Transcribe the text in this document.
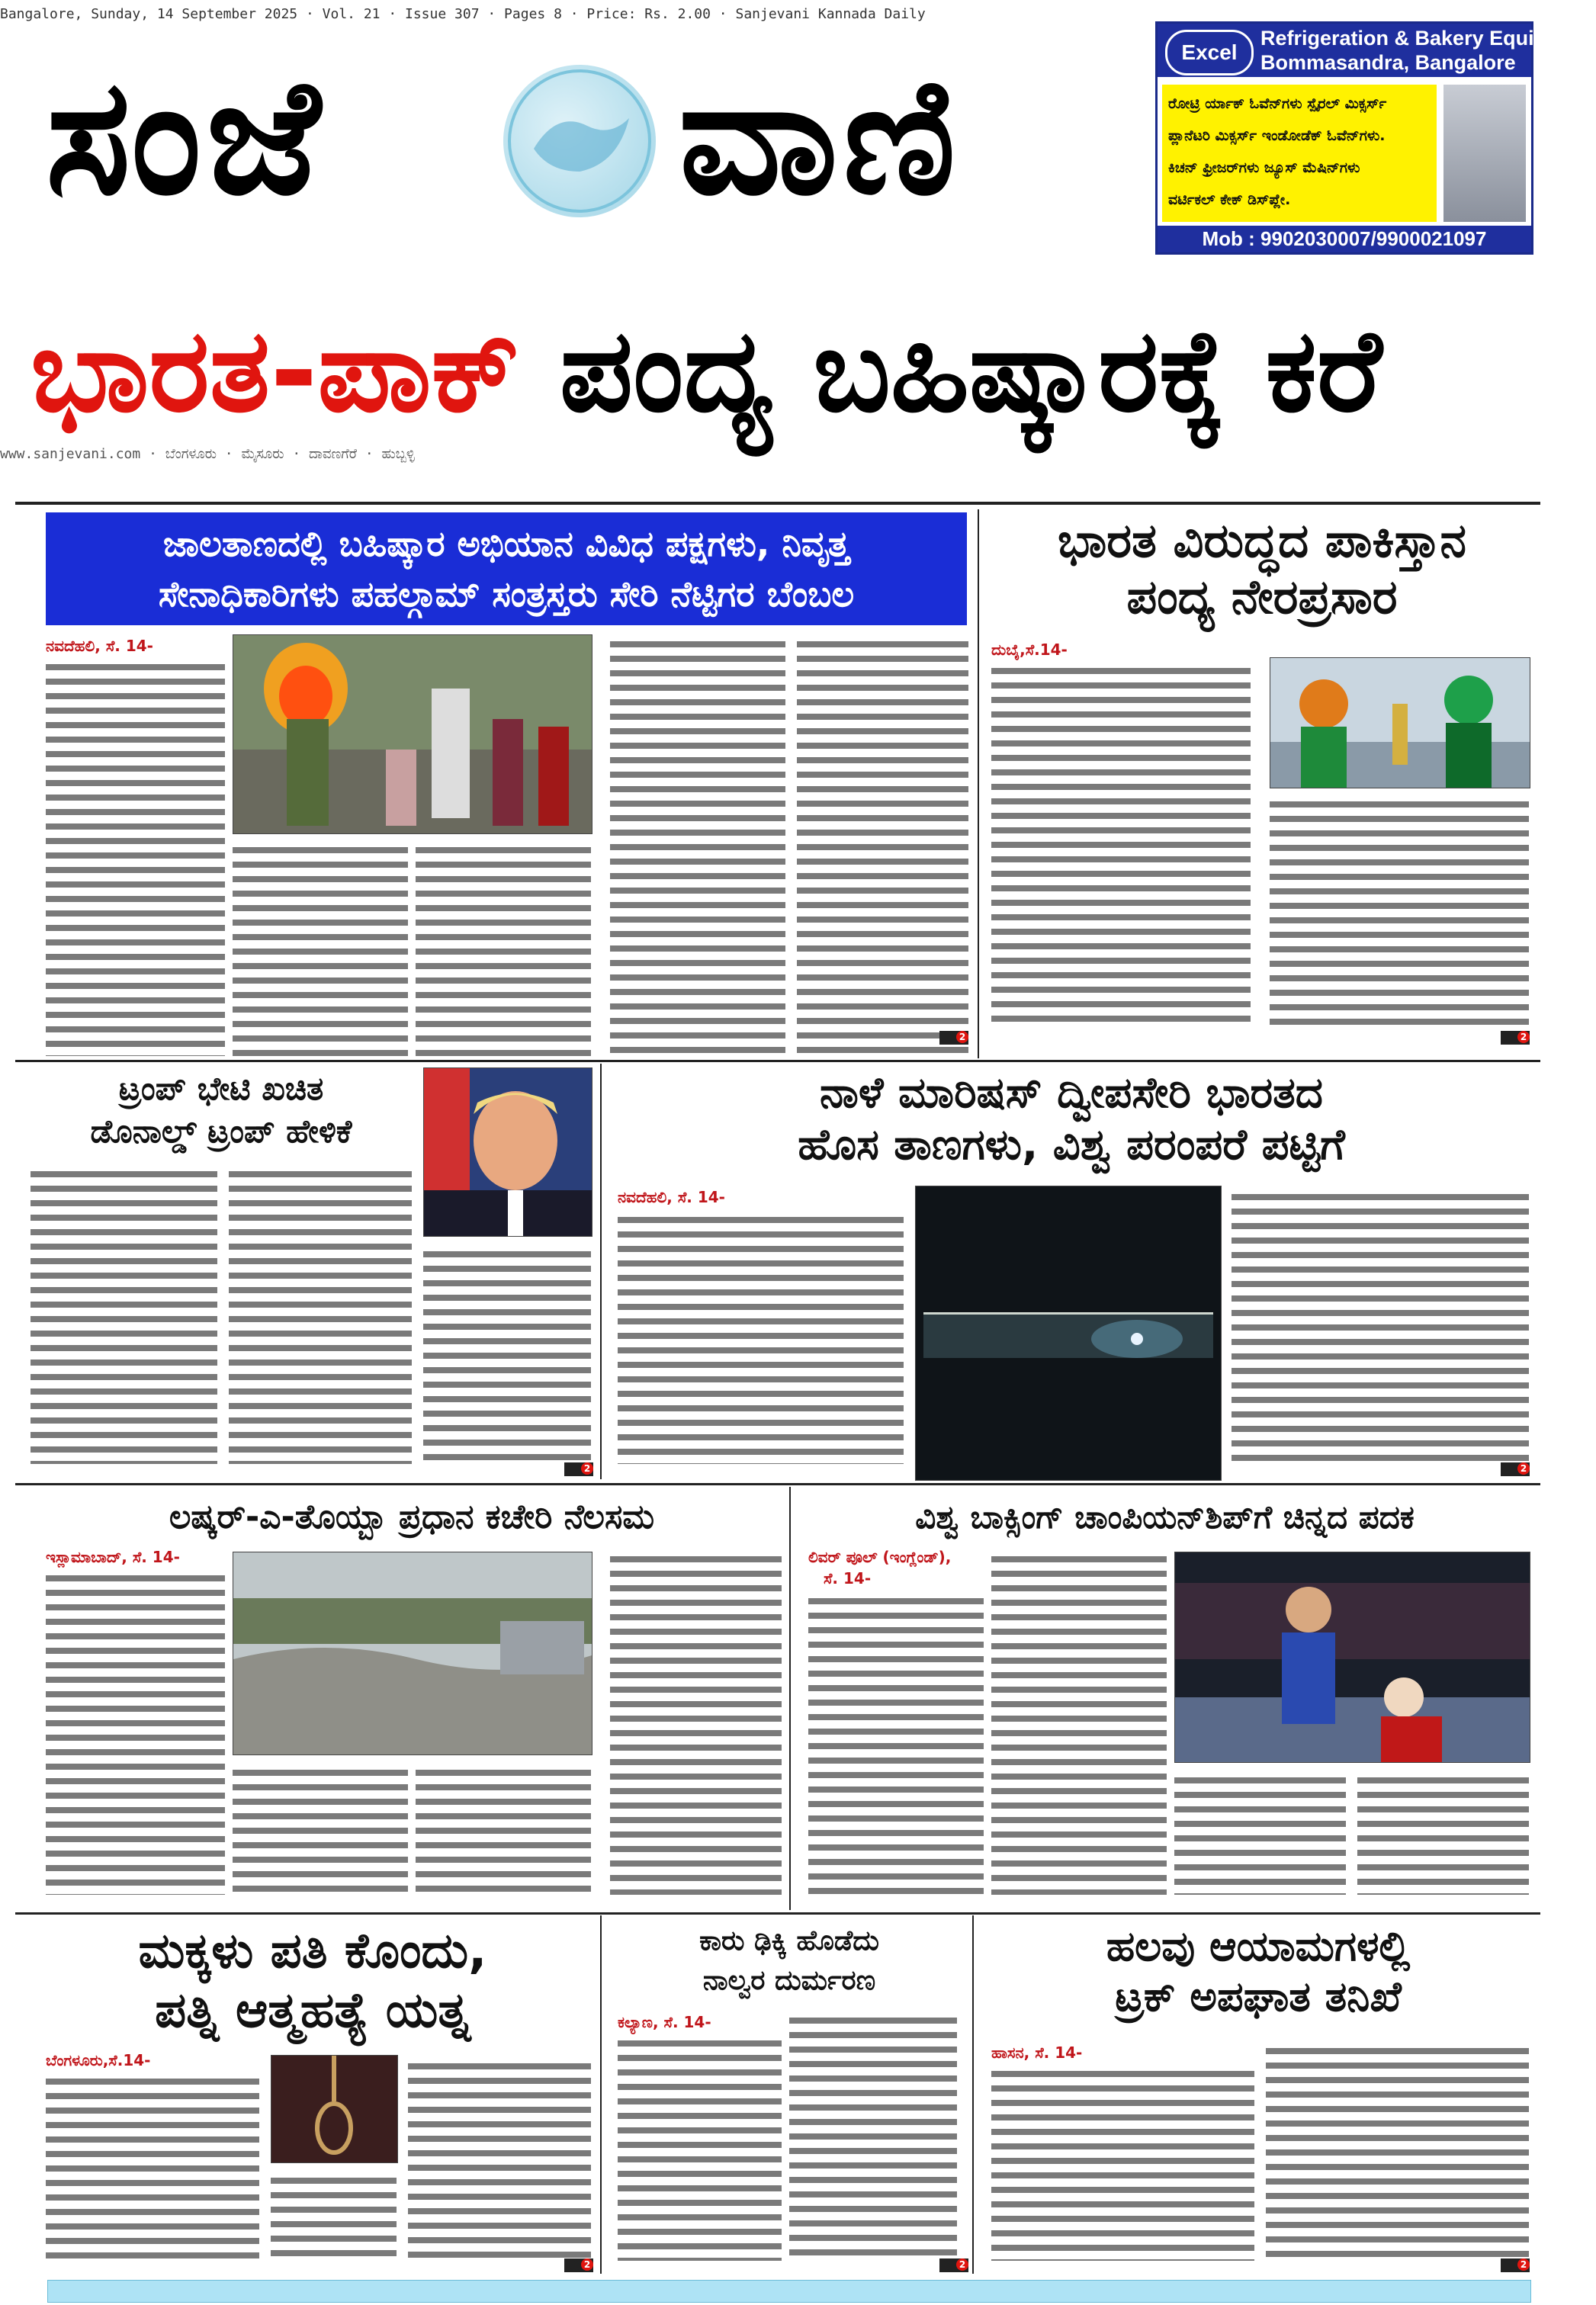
Bangalore, Sunday, 14 September 2025 · Vol. 21 · Issue 307 · Pages 8 · Price: Rs. 2.00 · Sanjevani Kannada Daily
ಸಂಜೆ ವಾಣಿ	Excel
Refrigeration & Bakery Equipment
Bommasandra, Bangalore
ರೋಟ್ರಿ ರ್ಯಾಕ್ ಓವೆನ್‌ಗಳು ಸ್ಪೈರಲ್ ಮಿಕ್ಸರ್ಸ್
ಪ್ಲಾನೆಟರಿ ಮಿಕ್ಸರ್ಸ್ ಇಂಡೋಡೆಕ್ ಓವೆನ್‌ಗಳು.
ಕಿಚನ್ ಫ್ರೀಜರ್‌ಗಳು ಜ್ಯೂಸ್ ಮೆಷಿನ್‌ಗಳು
ವರ್ಟಿಕಲ್ ಕೇಕ್ ಡಿಸ್‌ಪ್ಲೇ.
Mob : 9902030007/9900021097
ಭಾರತ-ಪಾಕ್ ಪಂದ್ಯ ಬಹಿಷ್ಕಾರಕ್ಕೆ ಕರೆ
www.sanjevani.com · ಬೆಂಗಳೂರು · ಮೈಸೂರು · ದಾವಣಗೆರೆ · ಹುಬ್ಬಳ್ಳಿ
ಜಾಲತಾಣದಲ್ಲಿ ಬಹಿಷ್ಕಾರ ಅಭಿಯಾನ ವಿವಿಧ ಪಕ್ಷಗಳು, ನಿವೃತ್ತ
ಸೇನಾಧಿಕಾರಿಗಳು ಪಹಲ್ಗಾಮ್ ಸಂತ್ರಸ್ತರು ಸೇರಿ ನೆಟ್ಟಿಗರ ಬೆಂಬಲ
ನವದೆಹಲಿ, ಸೆ. 14-
2
ಭಾರತ ವಿರುದ್ಧದ ಪಾಕಿಸ್ತಾನ
ಪಂದ್ಯ ನೇರಪ್ರಸಾರ
ದುಬೈ,ಸೆ.14-
2
ಟ್ರಂಪ್ ಭೇಟಿ ಖಚಿತ
ಡೊನಾಲ್ಡ್ ಟ್ರಂಪ್ ಹೇಳಿಕೆ
2
ನಾಳೆ ಮಾರಿಷಸ್ ದ್ವೀಪಸೇರಿ ಭಾರತದ
ಹೊಸ ತಾಣಗಳು, ವಿಶ್ವ ಪರಂಪರೆ ಪಟ್ಟಿಗೆ
ನವದೆಹಲಿ, ಸೆ. 14-
2
ಲಷ್ಕರ್-ಎ-ತೊಯ್ಬಾ ಪ್ರಧಾನ ಕಚೇರಿ ನೆಲಸಮ
ಇಸ್ಲಾಮಾಬಾದ್, ಸೆ. 14-
ವಿಶ್ವ ಬಾಕ್ಸಿಂಗ್ ಚಾಂಪಿಯನ್‌ಶಿಪ್‌ಗೆ ಚಿನ್ನದ ಪದಕ
ಲಿವರ್ ಪೂಲ್ (ಇಂಗ್ಲೆಂಡ್),
ಸೆ. 14-
ಮಕ್ಕಳು ಪತಿ ಕೊಂದು,
ಪತ್ನಿ ಆತ್ಮಹತ್ಯೆ ಯತ್ನ
ಬೆಂಗಳೂರು,ಸೆ.14-
2
ಕಾರು ಢಿಕ್ಕಿ ಹೊಡೆದು
ನಾಲ್ವರ ದುರ್ಮರಣ
ಕಲ್ಯಾಣ, ಸೆ. 14-
2
ಹಲವು ಆಯಾಮಗಳಲ್ಲಿ
ಟ್ರಕ್ ಅಪಘಾತ ತನಿಖೆ
ಹಾಸನ, ಸೆ. 14-
2
